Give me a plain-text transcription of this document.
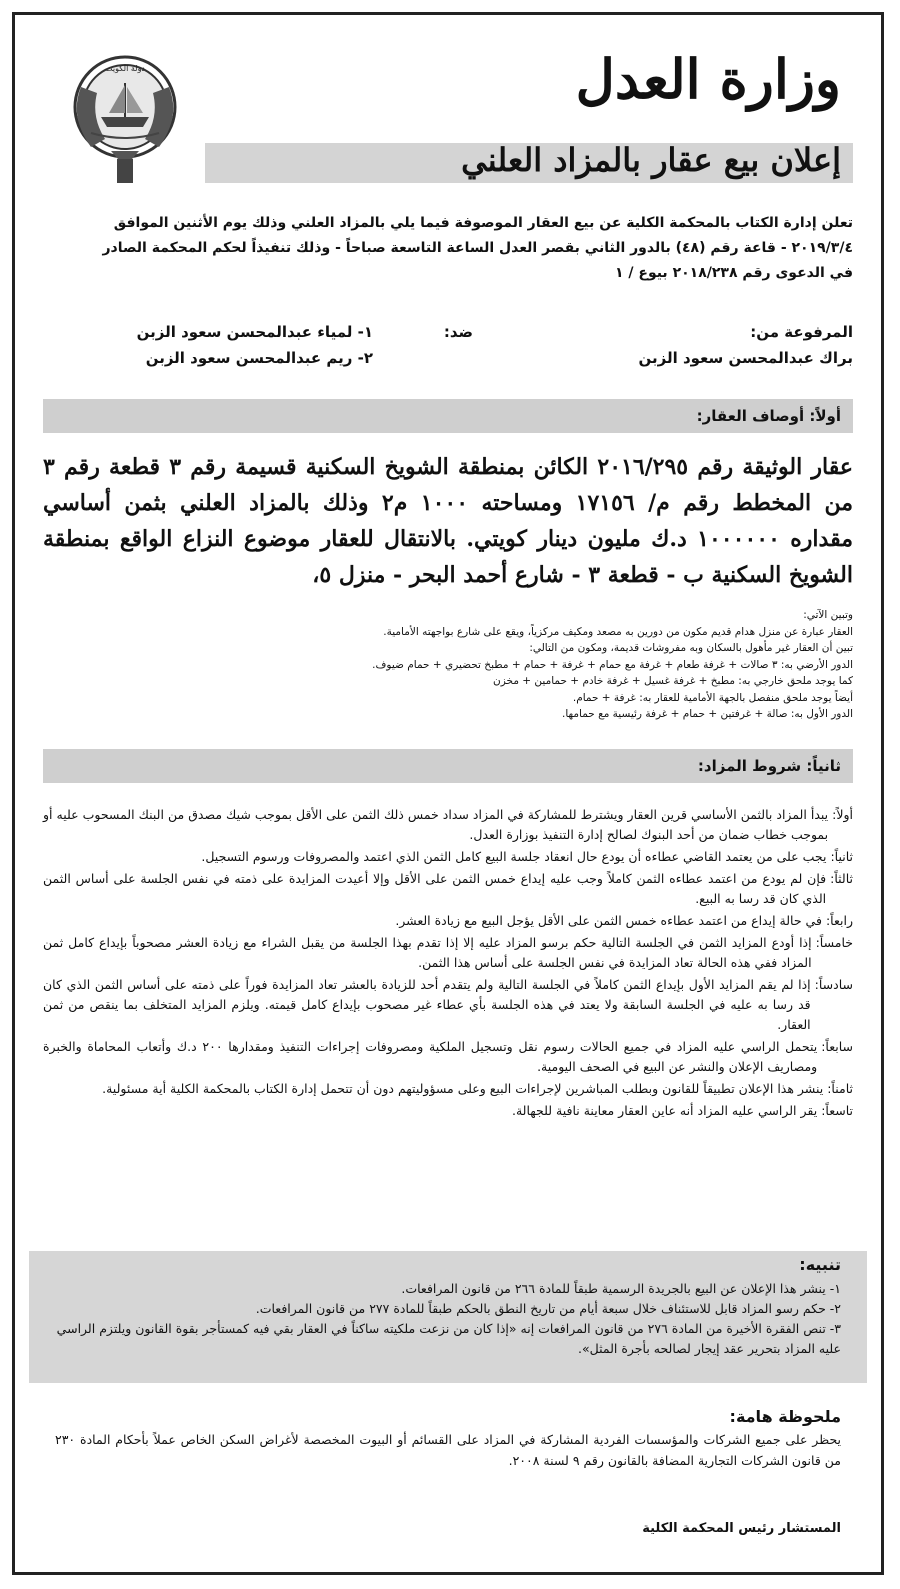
وزارة العدل
دولة الكويت
إعلان بيع عقار بالمزاد العلني
تعلن إدارة الكتاب بالمحكمة الكلية عن بيع العقار الموصوفة فيما يلي بالمزاد العلني وذلك يوم الأثنين الموافق
٢٠١٩/٣/٤ - قاعة رقم (٤٨) بالدور الثاني بقصر العدل الساعة التاسعة صباحاً - وذلك تنفيذاً لحكم المحكمة الصادر
في الدعوى رقم ٢٠١٨/٢٣٨ بيوع / ١
المرفوعة من:
براك عبدالمحسن سعود الزبن
ضد:
١- لمياء عبدالمحسن سعود الزبن
٢- ريم عبدالمحسن سعود الزبن
أولاً: أوصاف العقار:
عقار الوثيقة رقم ٢٠١٦/٢٩٥ الكائن بمنطقة الشويخ السكنية قسيمة رقم ٣ قطعة رقم ٣ من المخطط رقم م/ ١٧١٥٦ ومساحته ١٠٠٠ م٢ وذلك بالمزاد العلني بثمن أساسي مقداره ١٠٠٠٠٠٠ د.ك مليون دينار كويتي. بالانتقال للعقار موضوع النزاع الواقع بمنطقة الشويخ السكنية ب - قطعة ٣ - شارع أحمد البحر - منزل ٥،
وتبين الآتي:
العقار عبارة عن منزل هدام قديم مكون من دورين به مصعد ومكيف مركزياً، ويقع على شارع بواجهته الأمامية.
تبين أن العقار غير مأهول بالسكان وبه مفروشات قديمة، ومكون من التالي:
الدور الأرضي به: ٣ صالات + غرفة طعام + غرفة مع حمام + غرفة + حمام + مطبخ تحضيري + حمام ضيوف.
كما يوجد ملحق خارجي به: مطبخ + غرفة غسيل + غرفة خادم + حمامين + مخزن
أيضاً يوجد ملحق منفصل بالجهة الأمامية للعقار به: غرفة + حمام.
الدور الأول به: صالة + غرفتين + حمام + غرفة رئيسية مع حمامها.
ثانياً: شروط المزاد:
أولاً:
يبدأ المزاد بالثمن الأساسي قرين العقار ويشترط للمشاركة في المزاد سداد خمس ذلك الثمن على الأقل بموجب شيك مصدق من البنك المسحوب عليه أو بموجب خطاب ضمان من أحد البنوك لصالح إدارة التنفيذ بوزارة العدل.
ثانياً:
يجب على من يعتمد القاضي عطاءه أن يودع حال انعقاد جلسة البيع كامل الثمن الذي اعتمد والمصروفات ورسوم التسجيل.
ثالثاً:
فإن لم يودع من اعتمد عطاءه الثمن كاملاً وجب عليه إيداع خمس الثمن على الأقل وإلا أعيدت المزايدة على ذمته في نفس الجلسة على أساس الثمن الذي كان قد رسا به البيع.
رابعاً:
في حالة إيداع من اعتمد عطاءه خمس الثمن على الأقل يؤجل البيع مع زيادة العشر.
خامساً:
إذا أودع المزايد الثمن في الجلسة التالية حكم برسو المزاد عليه إلا إذا تقدم بهذا الجلسة من يقبل الشراء مع زيادة العشر مصحوباً بإيداع كامل ثمن المزاد ففي هذه الحالة تعاد المزايدة في نفس الجلسة على أساس هذا الثمن.
سادساً:
إذا لم يقم المزايد الأول بإيداع الثمن كاملاً في الجلسة التالية ولم يتقدم أحد للزيادة بالعشر تعاد المزايدة فوراً على ذمته على أساس الثمن الذي كان قد رسا به عليه في الجلسة السابقة ولا يعتد في هذه الجلسة بأي عطاء غير مصحوب بإيداع كامل قيمته. ويلزم المزايد المتخلف بما ينقص من ثمن العقار.
سابعاً:
يتحمل الراسي عليه المزاد في جميع الحالات رسوم نقل وتسجيل الملكية ومصروفات إجراءات التنفيذ ومقدارها ٢٠٠ د.ك وأتعاب المحاماة والخبرة ومصاريف الإعلان والنشر عن البيع في الصحف اليومية.
ثامناً:
ينشر هذا الإعلان تطبيقاً للقانون وبطلب المباشرين لإجراءات البيع وعلى مسؤوليتهم دون أن تتحمل إدارة الكتاب بالمحكمة الكلية أية مسئولية.
تاسعاً:
يقر الراسي عليه المزاد أنه عاين العقار معاينة نافية للجهالة.
تنبيه:
١- ينشر هذا الإعلان عن البيع بالجريدة الرسمية طبقاً للمادة ٢٦٦ من قانون المرافعات.
٢- حكم رسو المزاد قابل للاستئناف خلال سبعة أيام من تاريخ النطق بالحكم طبقاً للمادة ٢٧٧ من قانون المرافعات.
٣- تنص الفقرة الأخيرة من المادة ٢٧٦ من قانون المرافعات إنه «إذا كان من نزعت ملكيته ساكناً في العقار بقي فيه كمستأجر بقوة القانون ويلتزم الراسي عليه المزاد بتحرير عقد إيجار لصالحه بأجرة المثل».
ملحوظة هامة:
يحظر على جميع الشركات والمؤسسات الفردية المشاركة في المزاد على القسائم أو البيوت المخصصة لأغراض السكن الخاص عملاً بأحكام المادة ٢٣٠ من قانون الشركات التجارية المضافة بالقانون رقم ٩ لسنة ٢٠٠٨.
المستشار رئيس المحكمة الكلية
